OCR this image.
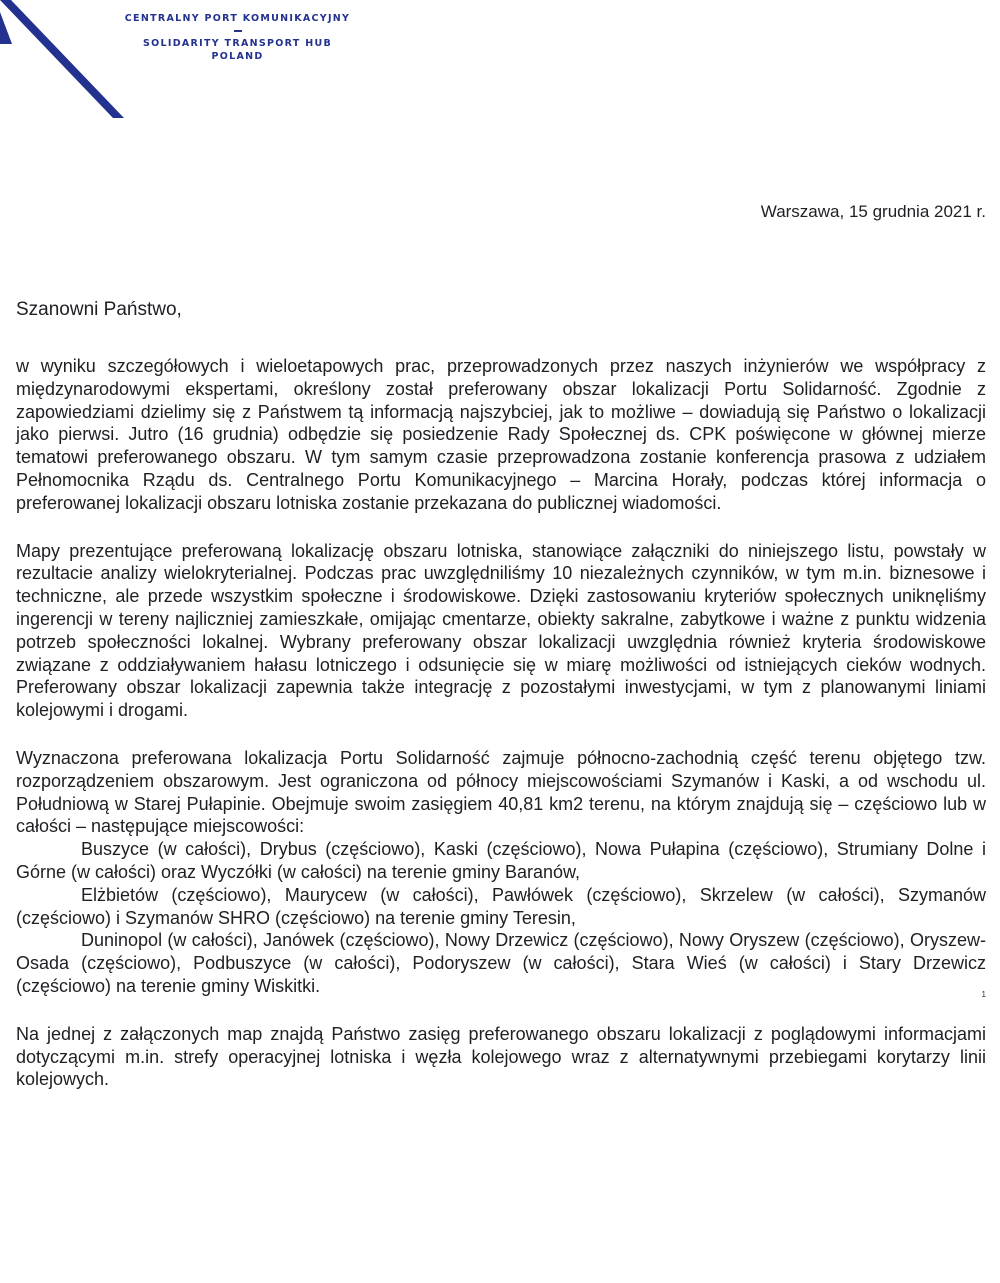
CENTRALNY PORT KOMUNIKACYJNY
SOLIDARITY TRANSPORT HUB
POLAND
Warszawa, 15 grudnia 2021 r.
Szanowni Państwo,

w wyniku szczegółowych i wieloetapowych prac, przeprowadzonych przez naszych inżynierów we współpracy z międzynarodowymi ekspertami, określony został preferowany obszar lokalizacji Portu Solidarność. Zgodnie z zapowiedziami dzielimy się z Państwem tą informacją najszybciej, jak to możliwe – dowiadują się Państwo o lokalizacji jako pierwsi. Jutro (16 grudnia) odbędzie się posiedzenie Rady Społecznej ds. CPK poświęcone w głównej mierze tematowi preferowanego obszaru. W tym samym czasie przeprowadzona zostanie konferencja prasowa z udziałem Pełnomocnika Rządu ds. Centralnego Portu Komunikacyjnego – Marcina Horały, podczas której informacja o preferowanej lokalizacji obszaru lotniska zostanie przekazana do publicznej wiadomości.

Mapy prezentujące preferowaną lokalizację obszaru lotniska, stanowiące załączniki do niniejszego listu, powstały w rezultacie analizy wielokryterialnej. Podczas prac uwzględniliśmy 10 niezależnych czynników, w tym m.in. biznesowe i techniczne, ale przede wszystkim społeczne i środowiskowe. Dzięki zastosowaniu kryteriów społecznych uniknęliśmy ingerencji w tereny najliczniej zamieszkałe, omijając cmentarze, obiekty sakralne, zabytkowe i ważne z punktu widzenia potrzeb społeczności lokalnej. Wybrany preferowany obszar lokalizacji uwzględnia również kryteria środowiskowe związane z oddziaływaniem hałasu lotniczego i odsunięcie się w miarę możliwości od istniejących cieków wodnych. Preferowany obszar lokalizacji zapewnia także integrację z pozostałymi inwestycjami, w tym z planowanymi liniami kolejowymi i drogami.

Wyznaczona preferowana lokalizacja Portu Solidarność zajmuje północno-zachodnią część terenu objętego tzw. rozporządzeniem obszarowym. Jest ograniczona od północy miejscowościami Szymanów i Kaski, a od wschodu ul. Południową w Starej Pułapinie. Obejmuje swoim zasięgiem 40,81 km2 terenu, na którym znajdują się – częściowo lub w całości – następujące miejscowości:

Buszyce (w całości), Drybus (częściowo), Kaski (częściowo), Nowa Pułapina (częściowo), Strumiany Dolne i Górne (w całości) oraz Wyczółki (w całości) na terenie gminy Baranów,
Elżbietów (częściowo), Maurycew (w całości), Pawłówek (częściowo), Skrzelew (w całości), Szymanów (częściowo) i Szymanów SHRO (częściowo) na terenie gminy Teresin,
Duninopol (w całości), Janówek (częściowo), Nowy Drzewicz (częściowo), Nowy Oryszew (częściowo), Oryszew-Osada (częściowo), Podbuszyce (w całości), Podoryszew (w całości), Stara Wieś (w całości) i Stary Drzewicz (częściowo) na terenie gminy Wiskitki.

Na jednej z załączonych map znajdą Państwo zasięg preferowanego obszaru lokalizacji z poglądowymi informacjami dotyczącymi m.in. strefy operacyjnej lotniska i węzła kolejowego wraz z alternatywnymi przebiegami korytarzy linii kolejowych.

1
